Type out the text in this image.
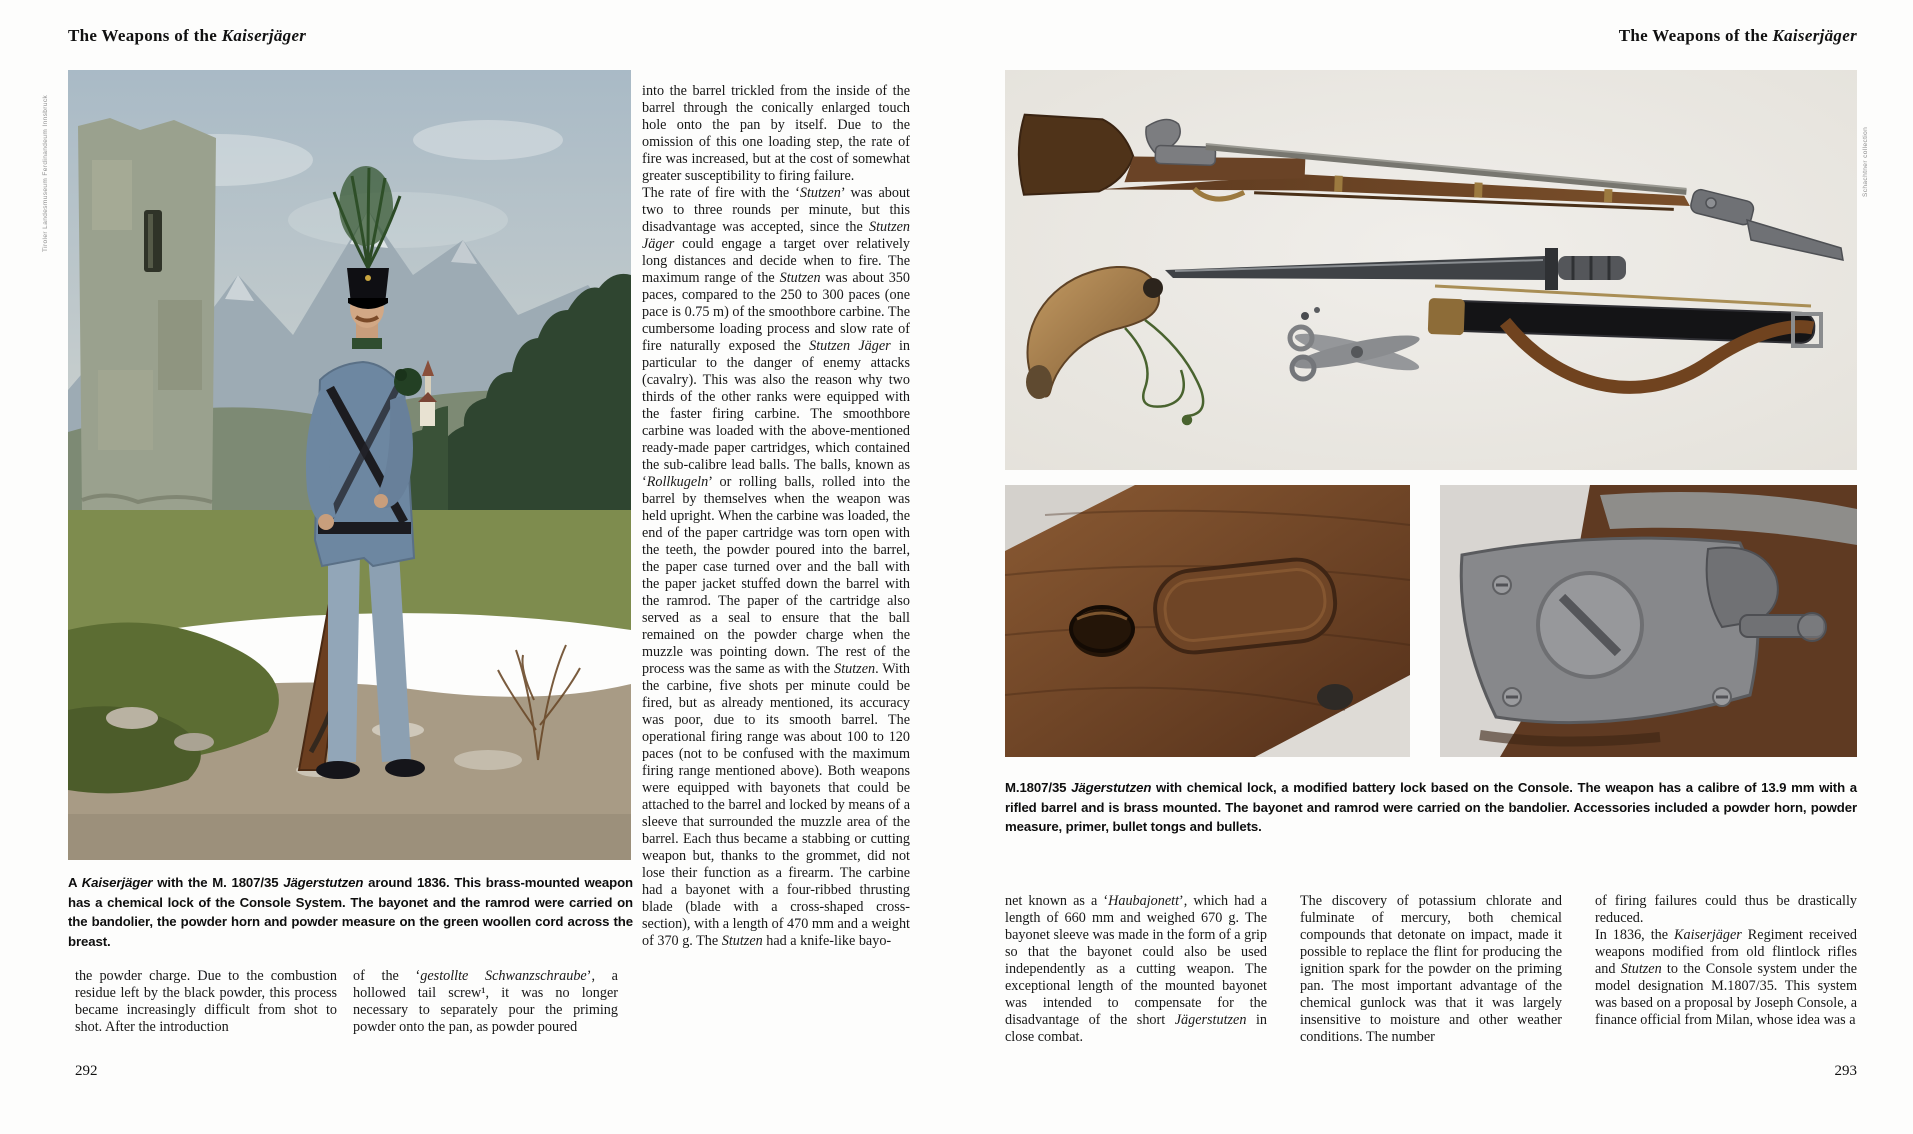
The Weapons of the Kaiserjäger
Tiroler Landesmuseum Ferdinandeum Innsbruck
A Kaiserjäger with the M. 1807/35 Jägerstutzen around 1836. This brass-mounted weapon has a chemical lock of the Console System. The bayonet and the ramrod were carried on the bandolier, the powder horn and powder measure on the green woollen cord across the breast.

the powder charge. Due to the combustion residue left by the black powder, this process became increasingly difficult from shot to shot. After the introduction

of the ‘gestollte Schwanzschraube’, a hollowed tail screw¹, it was no longer necessary to separately pour the priming powder onto the pan, as powder poured

into the barrel trickled from the inside of the barrel through the conically enlarged touch hole onto the pan by itself. Due to the omission of this one loading step, the rate of fire was increased, but at the cost of somewhat greater susceptibility to firing failure.

The rate of fire with the ‘Stutzen’ was about two to three rounds per minute, but this disadvantage was accepted, since the Stutzen Jäger could engage a target over relatively long distances and decide when to fire. The maximum range of the Stutzen was about 350 paces, compared to the 250 to 300 paces (one pace is 0.75 m) of the smoothbore carbine. The cumbersome loading process and slow rate of fire naturally exposed the Stutzen Jäger in particular to the danger of enemy attacks (cavalry). This was also the reason why two thirds of the other ranks were equipped with the faster firing carbine. The smoothbore carbine was loaded with the above-mentioned ready-made paper cartridges, which contained the sub-calibre lead balls. The balls, known as ‘Rollkugeln’ or rolling balls, rolled into the barrel by themselves when the weapon was held upright. When the carbine was loaded, the end of the paper cartridge was torn open with the teeth, the powder poured into the barrel, the paper case turned over and the ball with the paper jacket stuffed down the barrel with the ramrod. The paper of the cartridge also served as a seal to ensure that the ball remained on the powder charge when the muzzle was pointing down. The rest of the process was the same as with the Stutzen. With the carbine, five shots per minute could be fired, but as already mentioned, its accuracy was poor, due to its smooth barrel. The operational firing range was about 100 to 120 paces (not to be confused with the maximum firing range mentioned above). Both weapons were equipped with bayonets that could be attached to the barrel and locked by means of a sleeve that surrounded the muzzle area of the barrel. Each thus became a stabbing or cutting weapon but, thanks to the grommet, did not lose their function as a firearm. The carbine had a bayonet with a four-ribbed thrusting blade (blade with a cross-shaped cross-section), with a length of 470 mm and a weight of 370 g. The Stutzen had a knife-like bayo-

292
The Weapons of the Kaiserjäger
Schachtner collection
M.1807/35 Jägerstutzen with chemical lock, a modified battery lock based on the Console. The weapon has a calibre of 13.9 mm with a rifled barrel and is brass mounted. The bayonet and ramrod were carried on the bandolier. Accessories included a powder horn, powder measure, primer, bullet tongs and bullets.

net known as a ‘Haubajonett’, which had a length of 660 mm and weighed 670 g. The bayonet sleeve was made in the form of a grip so that the bayonet could also be used independently as a cutting weapon. The exceptional length of the mounted bayonet was intended to compensate for the disadvantage of the short Jägerstutzen in close combat.

The discovery of potassium chlorate and fulminate of mercury, both chemical compounds that detonate on impact, made it possible to replace the flint for producing the ignition spark for the powder on the priming pan. The most important advantage of the chemical gunlock was that it was largely insensitive to moisture and other weather conditions. The number

of firing failures could thus be drastically reduced.

In 1836, the Kaiserjäger Regiment received weapons modified from old flintlock rifles and Stutzen to the Console system under the model designation M.1807/35. This system was based on a proposal by Joseph Console, a finance official from Milan, whose idea was a

293
